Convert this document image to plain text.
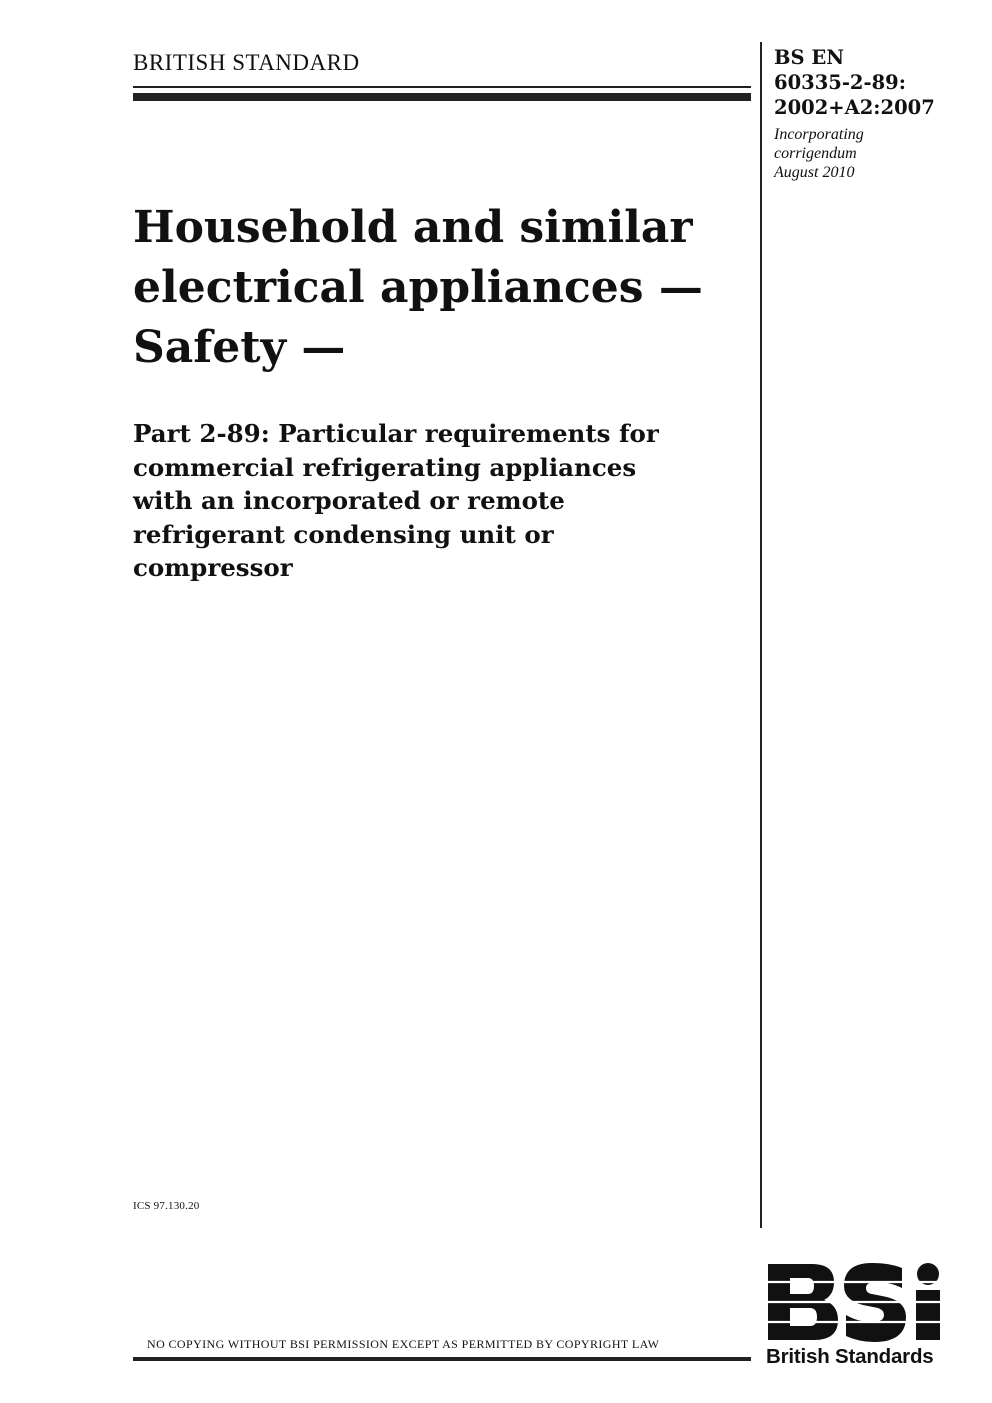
BRITISH STANDARD	BS EN
60335-2-89:
2002+A2:2007
Incorporating
corrigendum
August 2010
Household and similar
electrical appliances —
Safety —
Part 2-89: Particular requirements for
commercial refrigerating appliances
with an incorporated or remote
refrigerant condensing unit or
compressor
ICS 97.130.20
NO COPYING WITHOUT BSI PERMISSION EXCEPT AS PERMITTED BY COPYRIGHT LAW
British Standards
